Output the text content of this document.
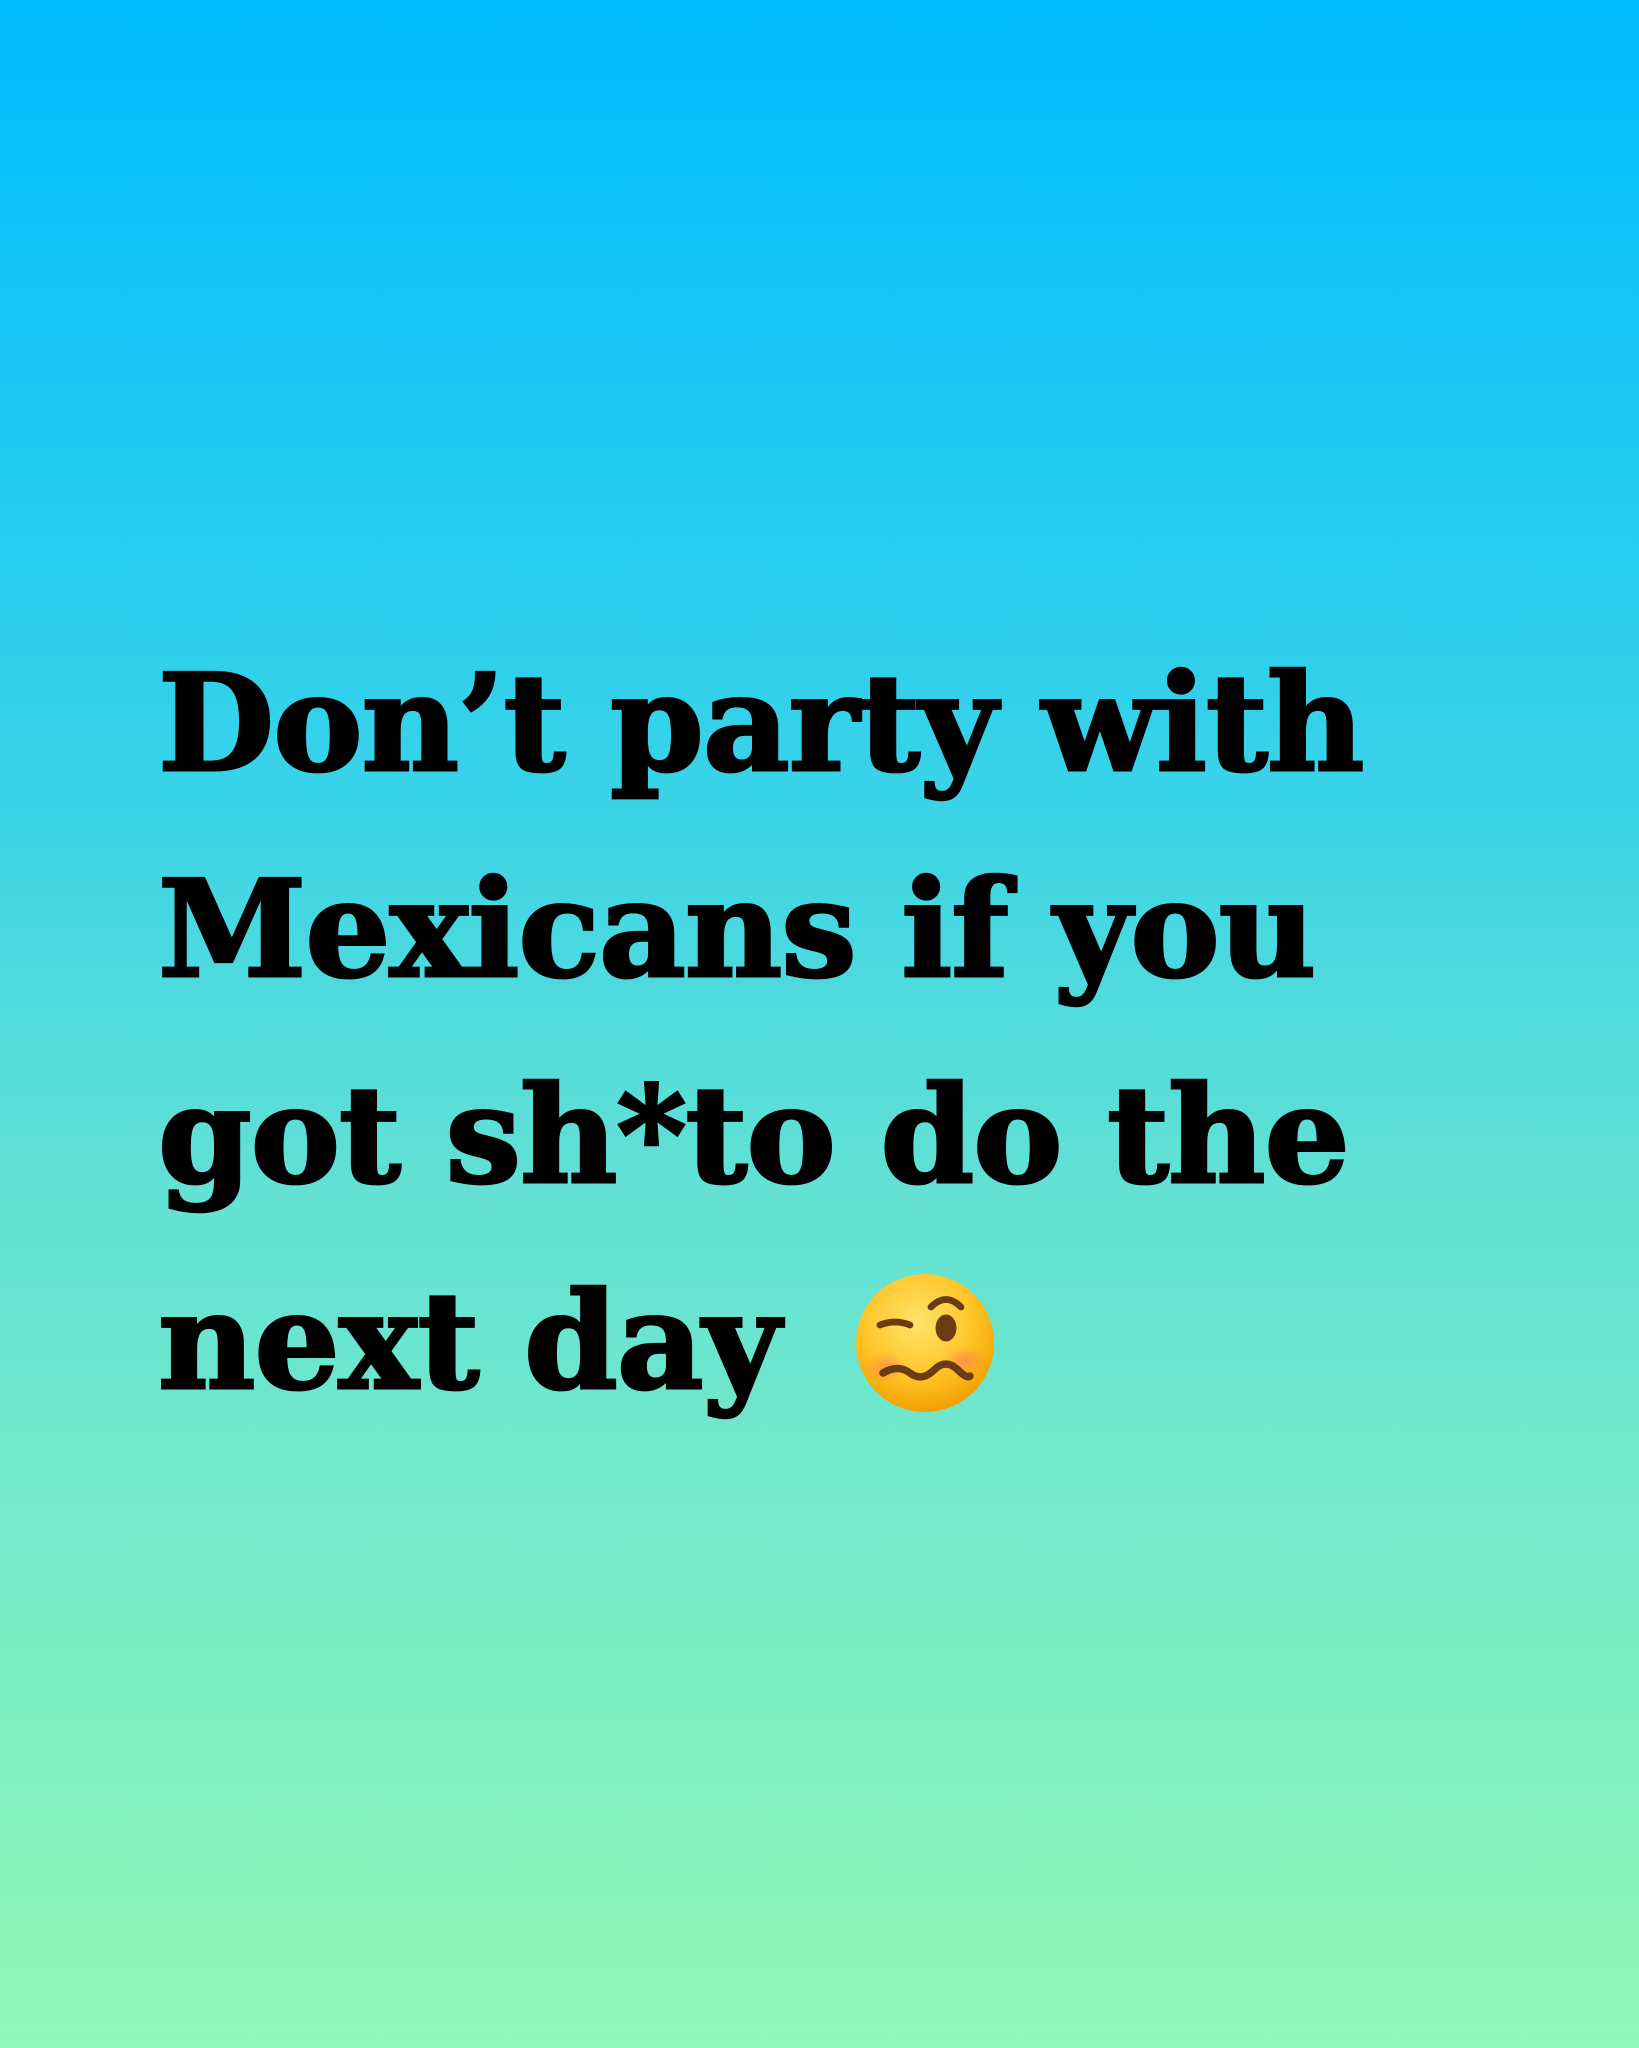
Don’t party with
Mexicans if you
got sh*to do the
next day
